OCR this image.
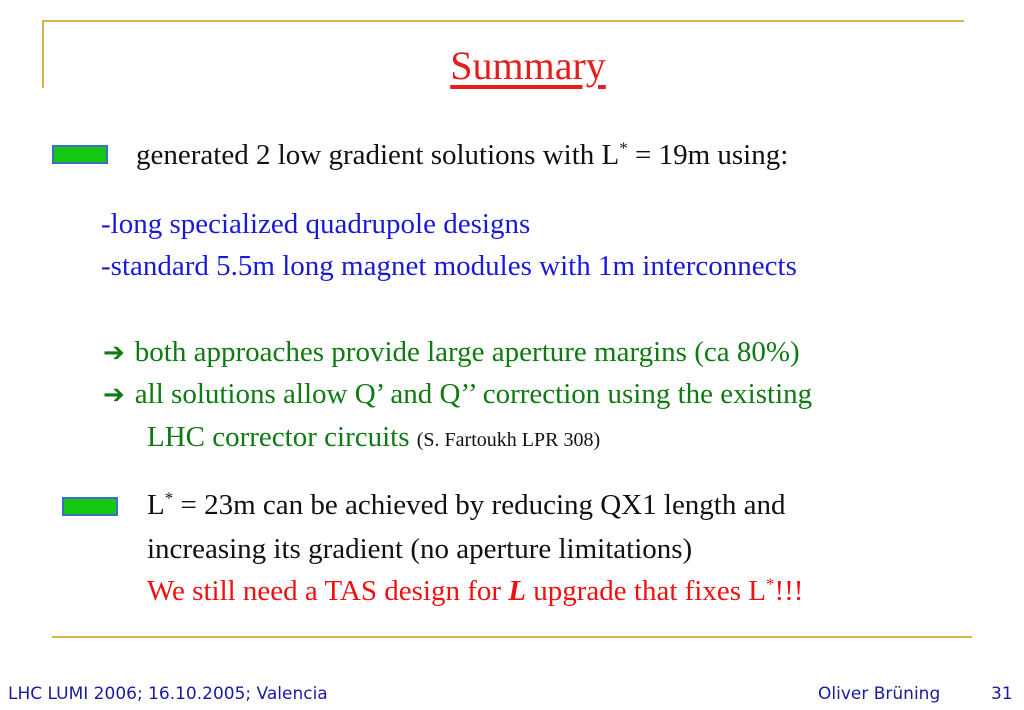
Summary
generated 2 low gradient solutions with L* = 19m using:
-long specialized quadrupole designs
-standard 5.5m long magnet modules with 1m interconnects
➔ both approaches provide large aperture margins (ca 80%)
➔ all solutions allow Q’ and Q’’ correction using the existing
LHC corrector circuits (S. Fartoukh LPR 308)
L* = 23m can be achieved by reducing QX1 length and
increasing its gradient (no aperture limitations)
We still need a TAS design for L upgrade that fixes L*!!!
LHC LUMI 2006; 16.10.2005; Valencia	Oliver Brüning	31
